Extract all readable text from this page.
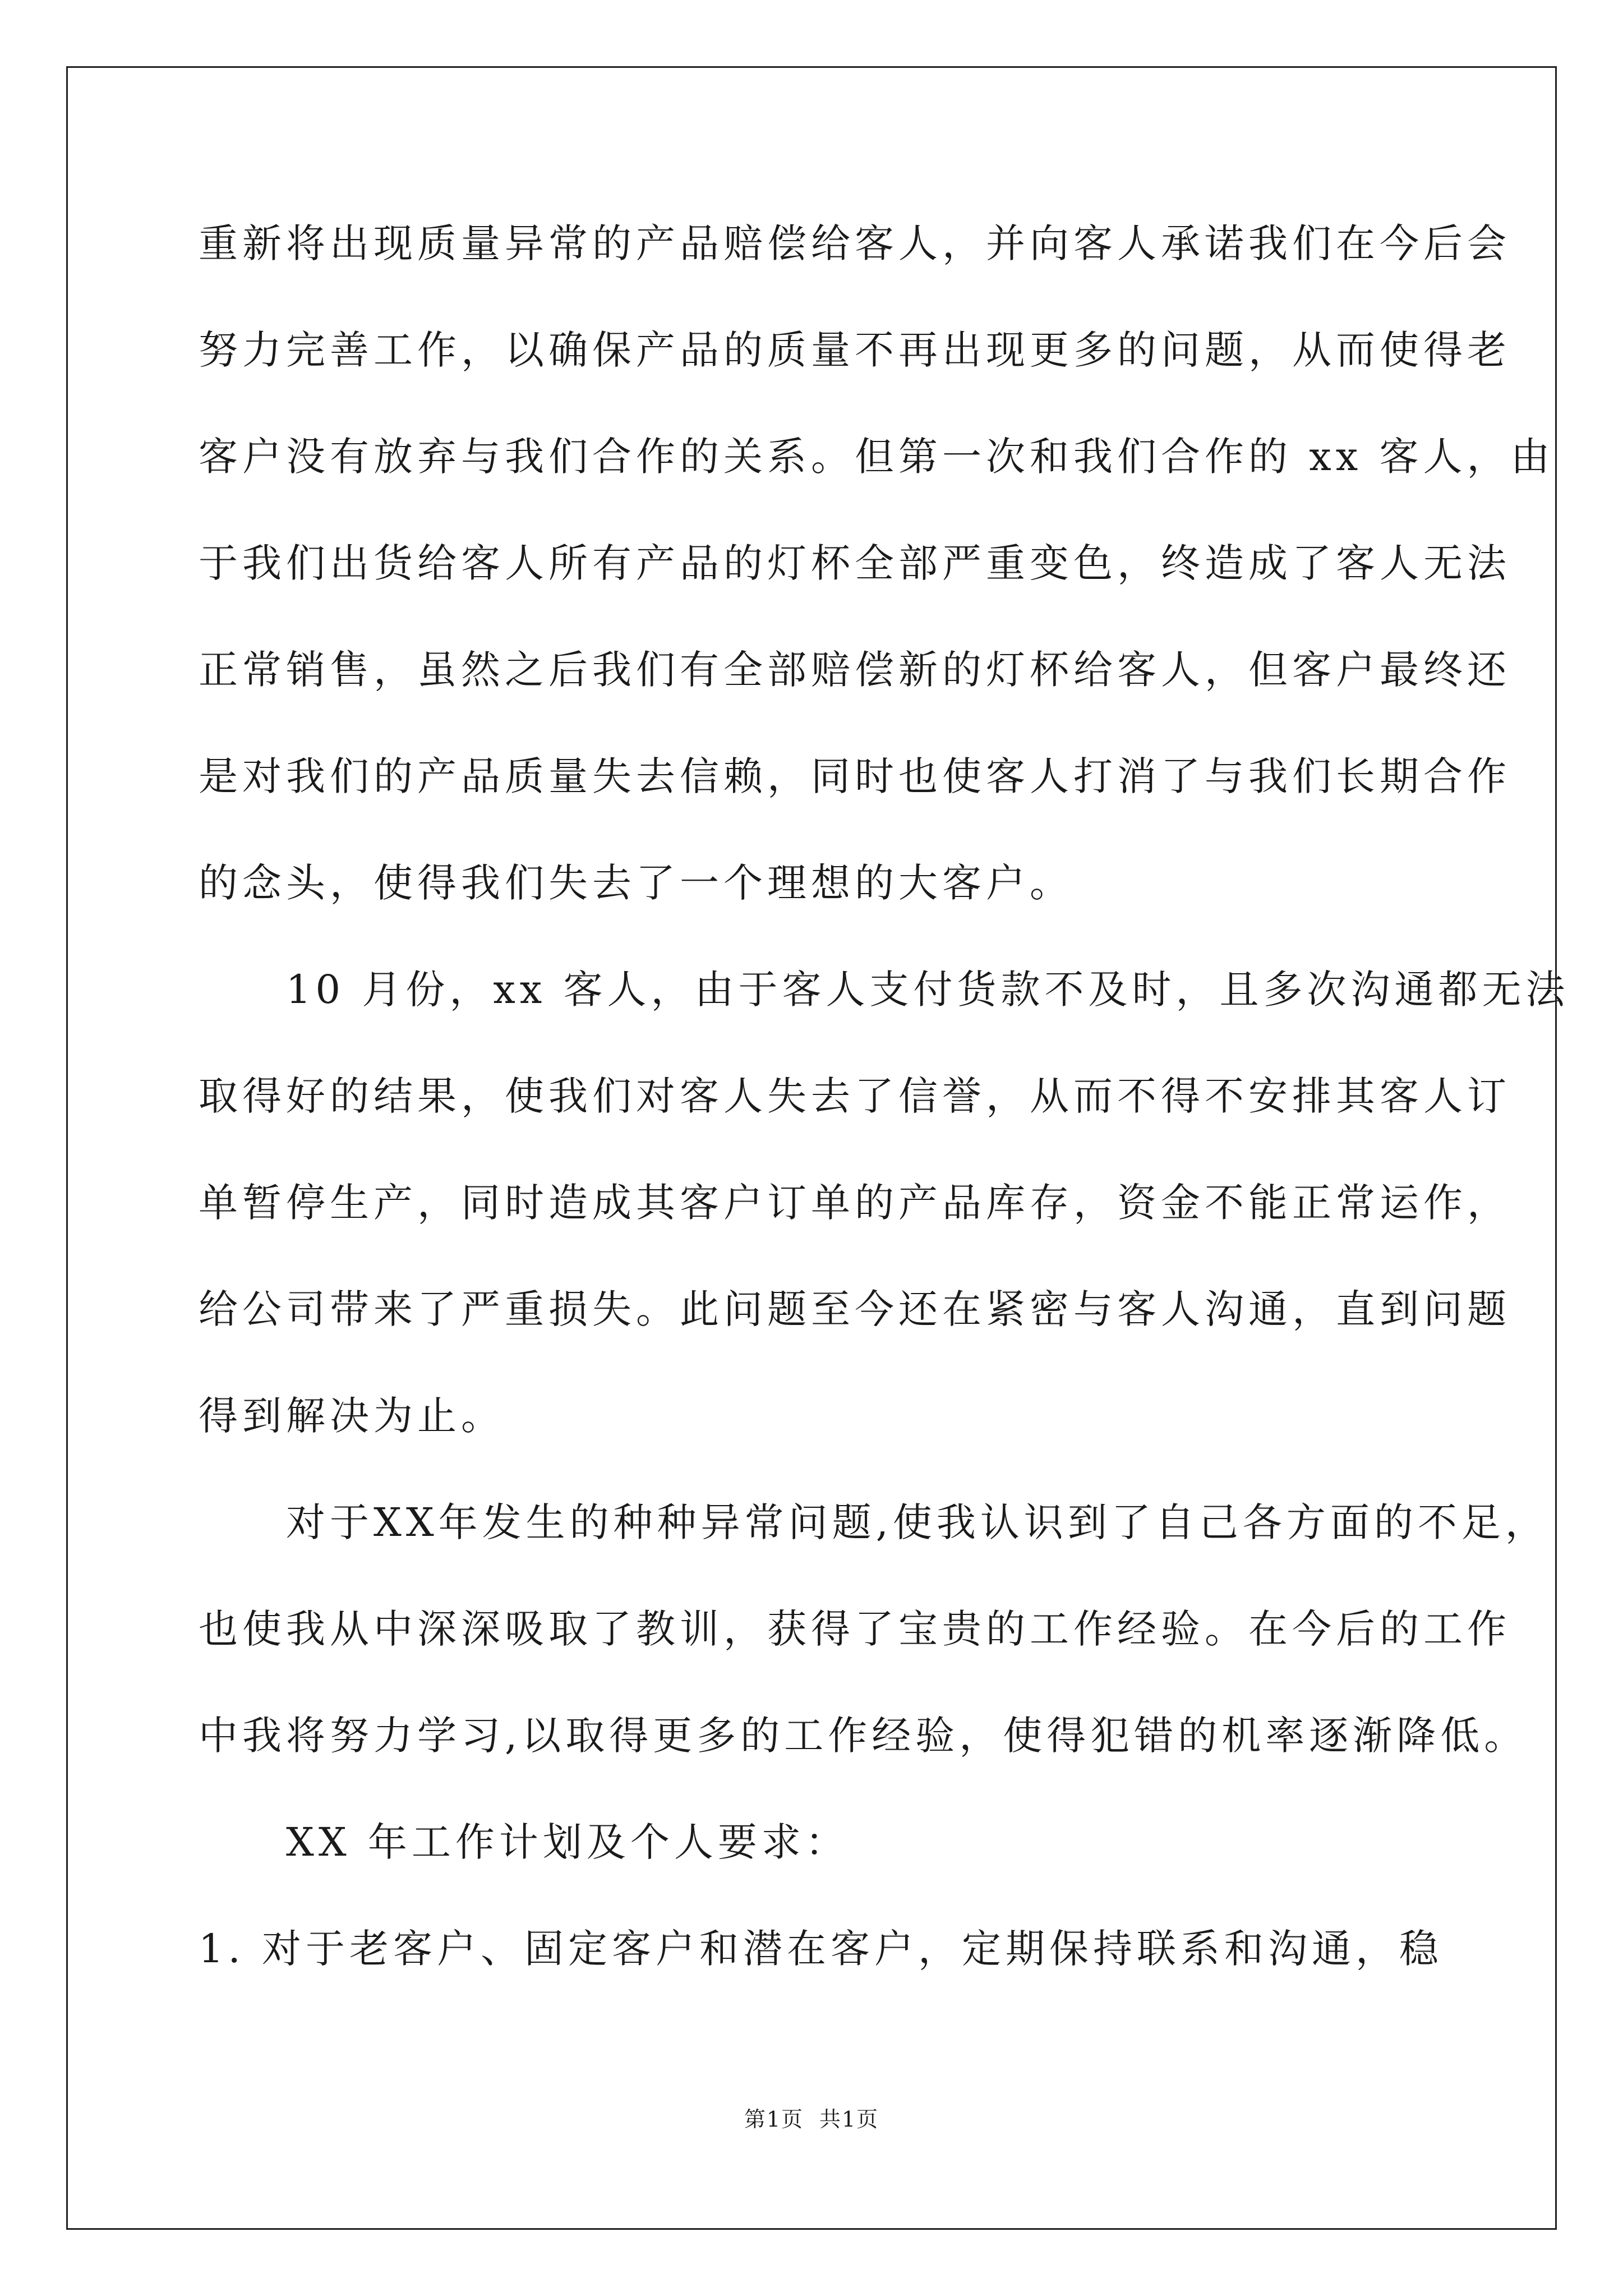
重新将出现质量异常的产品赔偿给客人，并向客人承诺我们在今后会
努力完善工作，以确保产品的质量不再出现更多的问题，从而使得老
客户没有放弃与我们合作的关系。但第一次和我们合作的 xx 客人，由
于我们出货给客人所有产品的灯杯全部严重变色，终造成了客人无法
正常销售，虽然之后我们有全部赔偿新的灯杯给客人，但客户最终还
是对我们的产品质量失去信赖，同时也使客人打消了与我们长期合作
的念头，使得我们失去了一个理想的大客户。
　　10 月份，xx 客人，由于客人支付货款不及时，且多次沟通都无法
取得好的结果，使我们对客人失去了信誉，从而不得不安排其客人订
单暂停生产，同时造成其客户订单的产品库存，资金不能正常运作，
给公司带来了严重损失。此问题至今还在紧密与客人沟通，直到问题
得到解决为止。
　　对于XX年发生的种种异常问题,使我认识到了自己各方面的不足，
也使我从中深深吸取了教训，获得了宝贵的工作经验。在今后的工作
中我将努力学习,以取得更多的工作经验，使得犯错的机率逐渐降低。
　　XX 年工作计划及个人要求：
1. 对于老客户、固定客户和潜在客户，定期保持联系和沟通，稳
第1页 共1页
